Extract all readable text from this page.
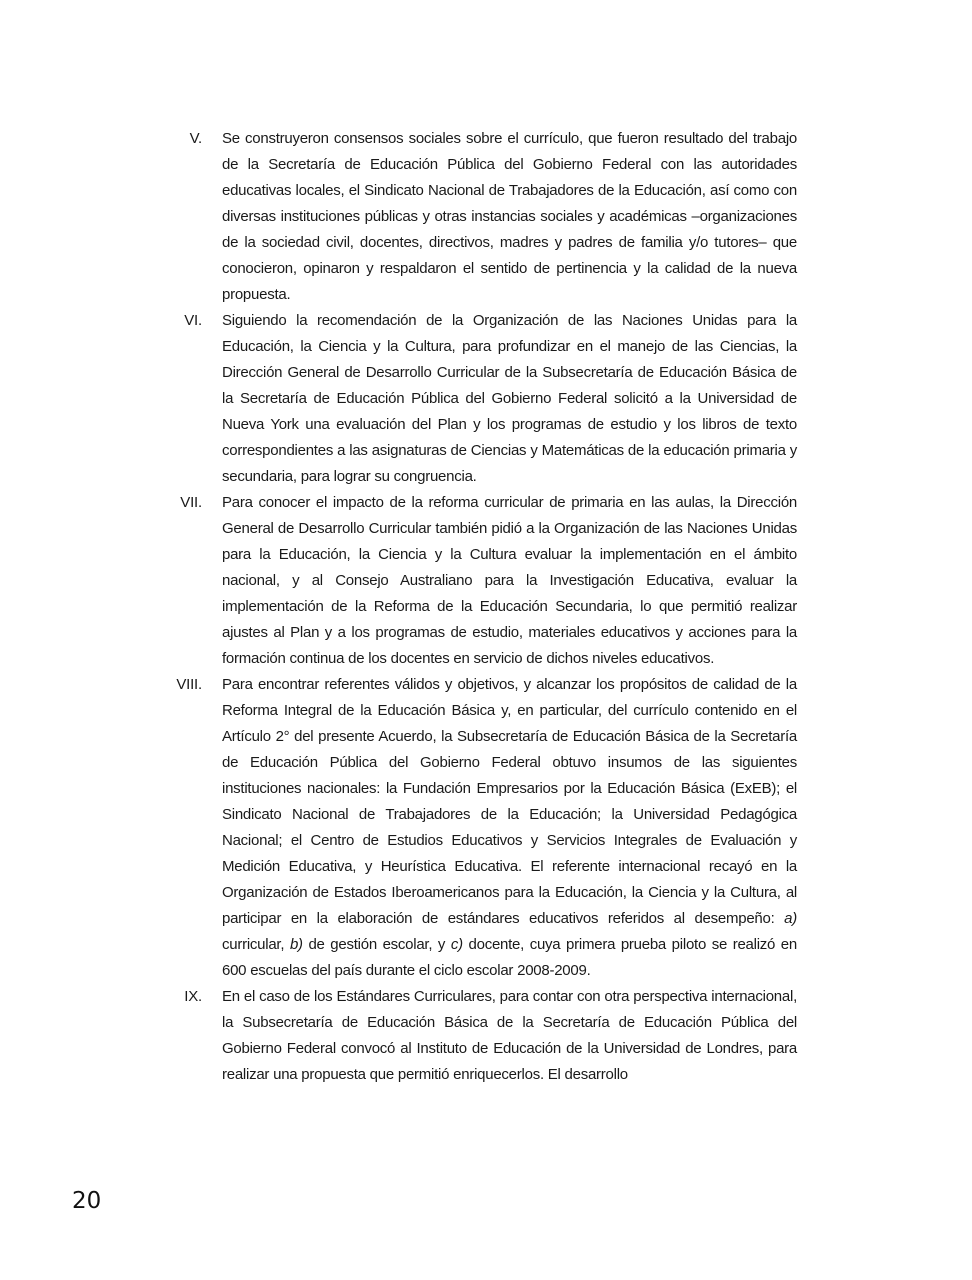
V.	Se construyeron consensos sociales sobre el currículo, que fueron resultado del trabajo de la Secretaría de Educación Pública del Gobierno Federal con las autoridades educativas locales, el Sindicato Nacional de Trabajadores de la Educación, así como con diversas instituciones públicas y otras instancias sociales y académicas –organizaciones de la sociedad civil, docentes, directivos, madres y padres de familia y/o tutores– que conocieron, opinaron y respaldaron el sentido de pertinencia y la calidad de la nueva propuesta.
VI.	Siguiendo la recomendación de la Organización de las Naciones Unidas para la Educación, la Ciencia y la Cultura, para profundizar en el manejo de las Ciencias, la Dirección General de Desarrollo Curricular de la Subsecretaría de Educación Básica de la Secretaría de Educación Pública del Gobierno Federal solicitó a la Universidad de Nueva York una evaluación del Plan y los programas de estudio y los libros de texto correspondientes a las asignaturas de Ciencias y Matemáticas de la educación primaria y secundaria, para lograr su congruencia.
VII.	Para conocer el impacto de la reforma curricular de primaria en las aulas, la Dirección General de Desarrollo Curricular también pidió a la Organización de las Naciones Unidas para la Educación, la Ciencia y la Cultura evaluar la implementación en el ámbito nacional, y al Consejo Australiano para la Investigación Educativa, evaluar la implementación de la Reforma de la Educación Secundaria, lo que permitió realizar ajustes al Plan y a los programas de estudio, materiales educativos y acciones para la formación continua de los docentes en servicio de dichos niveles educativos.
VIII.	Para encontrar referentes válidos y objetivos, y alcanzar los propósitos de calidad de la Reforma Integral de la Educación Básica y, en particular, del currículo contenido en el Artículo 2° del presente Acuerdo, la Subsecretaría de Educación Básica de la Secretaría de Educación Pública del Gobierno Federal obtuvo insumos de las siguientes instituciones nacionales: la Fundación Empresarios por la Educación Básica (ExEB); el Sindicato Nacional de Trabajadores de la Educación; la Universidad Pedagógica Nacional; el Centro de Estudios Educativos y Servicios Integrales de Evaluación y Medición Educativa, y Heurística Educativa. El referente internacional recayó en la Organización de Estados Iberoamericanos para la Educación, la Ciencia y la Cultura, al participar en la elaboración de estándares educativos referidos al desempeño: a) curricular, b) de gestión escolar, y c) docente, cuya primera prueba piloto se realizó en 600 escuelas del país durante el ciclo escolar 2008-2009.
IX.	En el caso de los Estándares Curriculares, para contar con otra perspectiva internacional, la Subsecretaría de Educación Básica de la Secretaría de Educación Pública del Gobierno Federal convocó al Instituto de Educación de la Universidad de Londres, para realizar una propuesta que permitió enriquecerlos. El desarrollo
20
